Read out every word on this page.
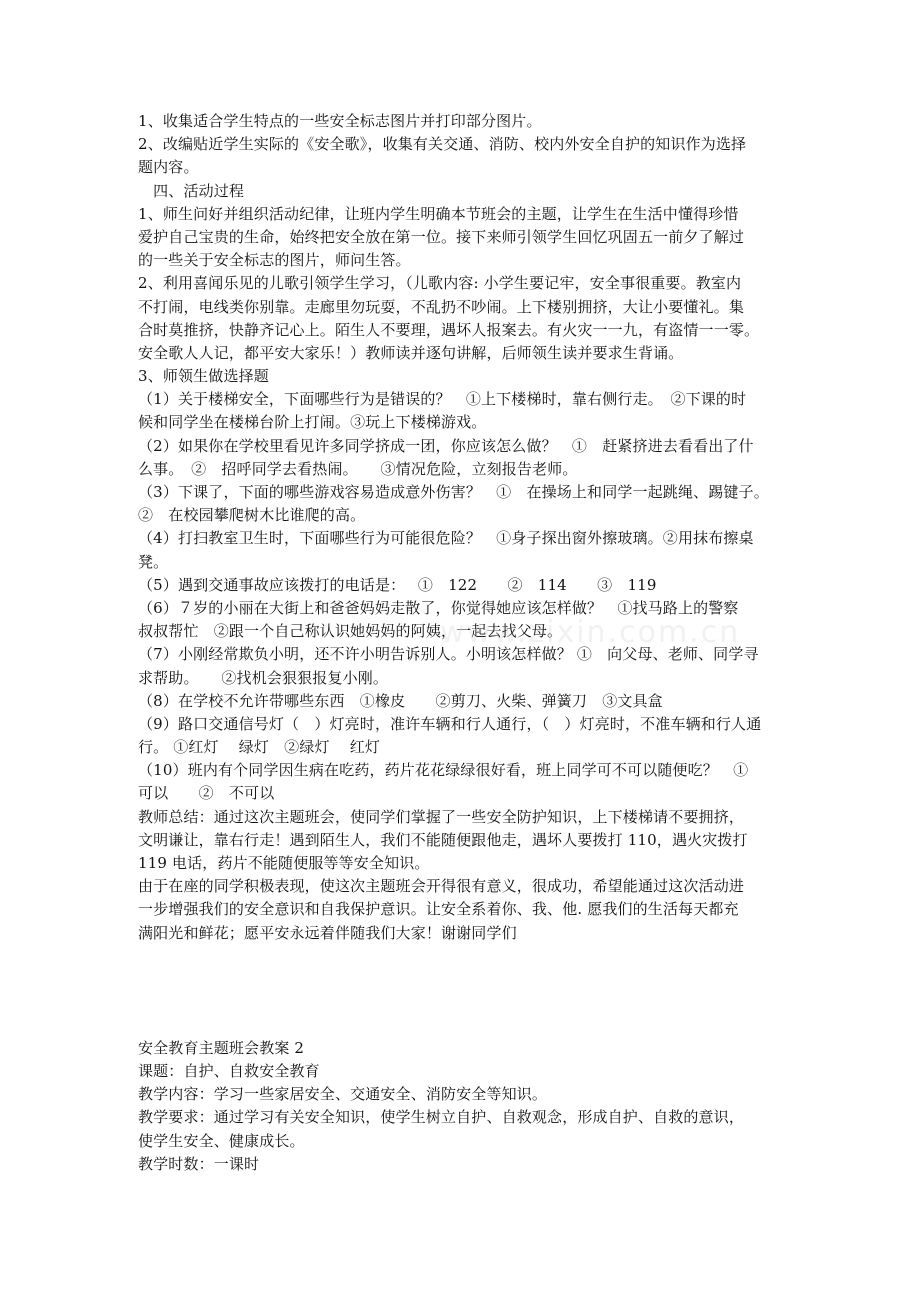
1、收集适合学生特点的一些安全标志图片并打印部分图片。
2、改编贴近学生实际的《安全歌》，收集有关交通、消防、校内外安全自护的知识作为选择
题内容。
　四、活动过程
1、师生问好并组织活动纪律，让班内学生明确本节班会的主题，让学生在生活中懂得珍惜
爱护自己宝贵的生命，始终把安全放在第一位。接下来师引领学生回忆巩固五一前夕了解过
的一些关于安全标志的图片，师问生答。
2、利用喜闻乐见的儿歌引领学生学习，（儿歌内容: 小学生要记牢，安全事很重要。教室内
不打闹，电线类你别靠。走廊里勿玩耍，不乱扔不吵闹。上下楼别拥挤，大让小要懂礼。集
合时莫推挤，快静齐记心上。陌生人不要理，遇坏人报案去。有火灾一一九，有盗情一一零。
安全歌人人记，都平安大家乐！）教师读并逐句讲解，后师领生读并要求生背诵。
3、师领生做选择题
（1）关于楼梯安全，下面哪些行为是错误的？　①上下楼梯时，靠右侧行走。　②下课的时
候和同学坐在楼梯台阶上打闹。③玩上下楼梯游戏。
（2）如果你在学校里看见许多同学挤成一团，你应该怎么做？　①　赶紧挤进去看看出了什
么事。　②　招呼同学去看热闹。　　③情况危险，立刻报告老师。
（3）下课了，下面的哪些游戏容易造成意外伤害？　①　在操场上和同学一起跳绳、踢键子。
②　在校园攀爬树木比谁爬的高。
（4）打扫教室卫生时，下面哪些行为可能很危险？　①身子探出窗外擦玻璃。②用抹布擦桌
凳。
（5）遇到交通事故应该拨打的电话是：　 ①　122　　②　114　　③　119
（6）７岁的小丽在大街上和爸爸妈妈走散了，你觉得她应该怎样做？　①找马路上的警察
叔叔帮忙　②跟一个自己称认识她妈妈的阿姨，一起去找父母。
（7）小刚经常欺负小明，还不许小明告诉别人。小明该怎样做？ ①　向父母、老师、同学寻
求帮助。　　②找机会狠狠报复小刚。
（8）在学校不允许带哪些东西　①橡皮　　②剪刀、火柴、弹簧刀　③文具盒
（9）路口交通信号灯（　）灯亮时，准许车辆和行人通行，（　）灯亮时，不准车辆和行人通
行。 ①红灯　 绿灯　②绿灯　 红灯
（10）班内有个同学因生病在吃药，药片花花绿绿很好看，班上同学可不可以随便吃？　①
可以　　②　不可以
教师总结：通过这次主题班会，使同学们掌握了一些安全防护知识，上下楼梯请不要拥挤，
文明谦让，靠右行走！遇到陌生人，我们不能随便跟他走，遇坏人要拨打 110，遇火灾拨打
119 电话，药片不能随便服等等安全知识。
由于在座的同学积极表现，使这次主题班会开得很有意义，很成功，希望能通过这次活动进
一步增强我们的安全意识和自我保护意识。让安全系着你、我、他. 愿我们的生活每天都充
满阳光和鲜花；愿平安永远着伴随我们大家！谢谢同学们
安全教育主题班会教案 2
课题：自护、自救安全教育
教学内容：学习一些家居安全、交通安全、消防安全等知识。
教学要求：通过学习有关安全知识，使学生树立自护、自救观念，形成自护、自救的意识，
使学生安全、健康成长。
教学时数：一课时
www.zixin.com.cn
